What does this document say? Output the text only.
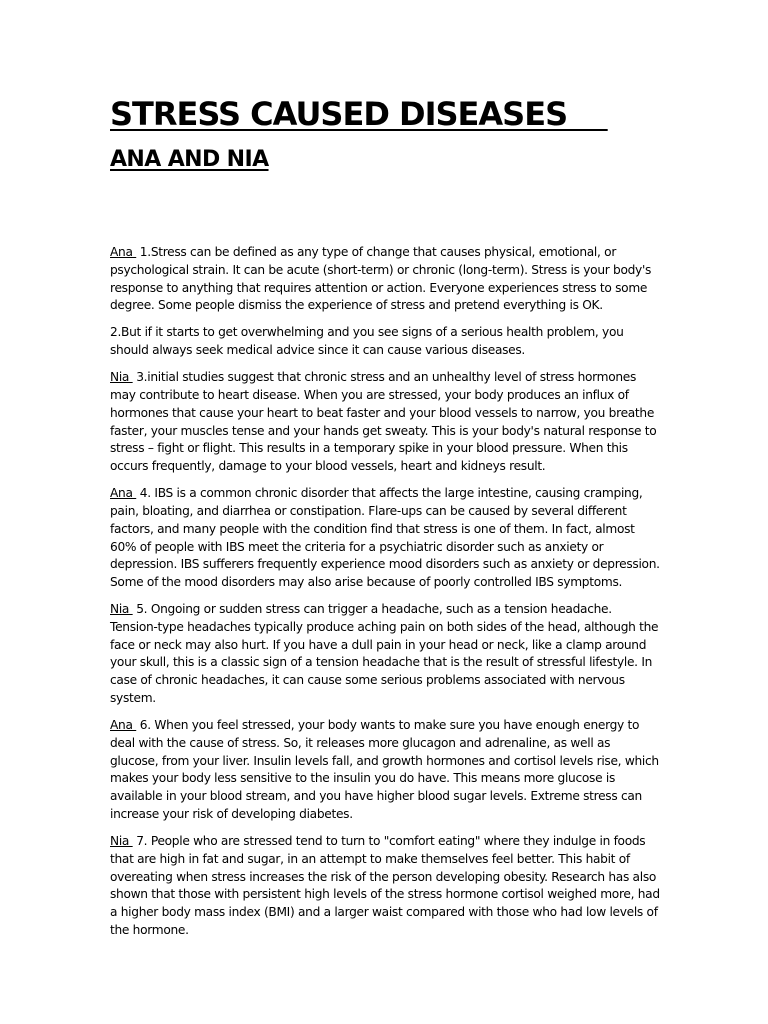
STRESS CAUSED DISEASES
ANA AND NIA

Ana  1.Stress can be defined as any type of change that causes physical, emotional, or psychological strain. It can be acute (short-term) or chronic (long-term). Stress is your body's response to anything that requires attention or action. Everyone experiences stress to some degree. Some people dismiss the experience of stress and pretend everything is OK.

2.But if it starts to get overwhelming and you see signs of a serious health problem, you should always seek medical advice since it can cause various diseases.

Nia  3.initial studies suggest that chronic stress and an unhealthy level of stress hormones may contribute to heart disease. When you are stressed, your body produces an influx of hormones that cause your heart to beat faster and your blood vessels to narrow, you breathe faster, your muscles tense and your hands get sweaty. This is your body's natural response to stress – fight or flight. This results in a temporary spike in your blood pressure. When this occurs frequently, damage to your blood vessels, heart and kidneys result.

Ana  4. IBS is a common chronic disorder that affects the large intestine, causing cramping, pain, bloating, and diarrhea or constipation. Flare-ups can be caused by several different factors, and many people with the condition find that stress is one of them. In fact, almost 60% of people with IBS meet the criteria for a psychiatric disorder such as anxiety or depression. IBS sufferers frequently experience mood disorders such as anxiety or depression. Some of the mood disorders may also arise because of poorly controlled IBS symptoms.

Nia  5. Ongoing or sudden stress can trigger a headache, such as a tension headache. Tension-type headaches typically produce aching pain on both sides of the head, although the face or neck may also hurt. If you have a dull pain in your head or neck, like a clamp around your skull, this is a classic sign of a tension headache that is the result of stressful lifestyle. In case of chronic headaches, it can cause some serious problems associated with nervous system.

Ana  6. When you feel stressed, your body wants to make sure you have enough energy to deal with the cause of stress. So, it releases more glucagon and adrenaline, as well as glucose, from your liver. Insulin levels fall, and growth hormones and cortisol levels rise, which makes your body less sensitive to the insulin you do have. This means more glucose is available in your blood stream, and you have higher blood sugar levels. Extreme stress can increase your risk of developing diabetes.

Nia  7. People who are stressed tend to turn to "comfort eating" where they indulge in foods that are high in fat and sugar, in an attempt to make themselves feel better. This habit of overeating when stress increases the risk of the person developing obesity. Research has also shown that those with persistent high levels of the stress hormone cortisol weighed more, had a higher body mass index (BMI) and a larger waist compared with those who had low levels of the hormone.
